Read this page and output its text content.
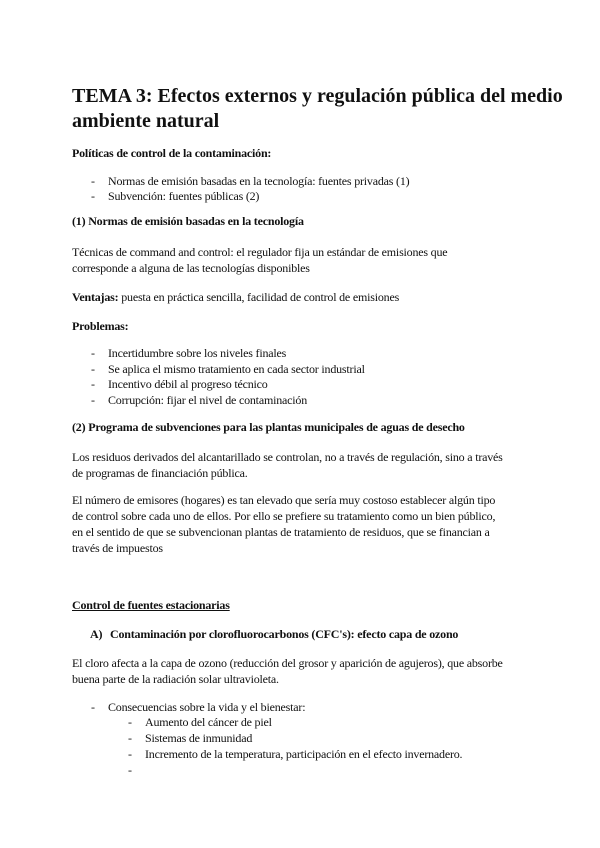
TEMA 3: Efectos externos y regulación pública del medio
ambiente natural
Políticas de control de la contaminación:
- Normas de emisión basadas en la tecnología: fuentes privadas (1)
- Subvención: fuentes públicas (2)
(1) Normas de emisión basadas en la tecnología
Técnicas de command and control: el regulador fija un estándar de emisiones que
corresponde a alguna de las tecnologías disponibles
Ventajas: puesta en práctica sencilla, facilidad de control de emisiones
Problemas:
- Incertidumbre sobre los niveles finales
- Se aplica el mismo tratamiento en cada sector industrial
- Incentivo débil al progreso técnico
- Corrupción: fijar el nivel de contaminación
(2) Programa de subvenciones para las plantas municipales de aguas de desecho
Los residuos derivados del alcantarillado se controlan, no a través de regulación, sino a través
de programas de financiación pública.
El número de emisores (hogares) es tan elevado que sería muy costoso establecer algún tipo
de control sobre cada uno de ellos. Por ello se prefiere su tratamiento como un bien público,
en el sentido de que se subvencionan plantas de tratamiento de residuos, que se financian a
través de impuestos
Control de fuentes estacionarias
A) Contaminación por clorofluorocarbonos (CFC's): efecto capa de ozono
El cloro afecta a la capa de ozono (reducción del grosor y aparición de agujeros), que absorbe
buena parte de la radiación solar ultravioleta.
- Consecuencias sobre la vida y el bienestar:
- Aumento del cáncer de piel
- Sistemas de inmunidad
- Incremento de la temperatura, participación en el efecto invernadero.
-
